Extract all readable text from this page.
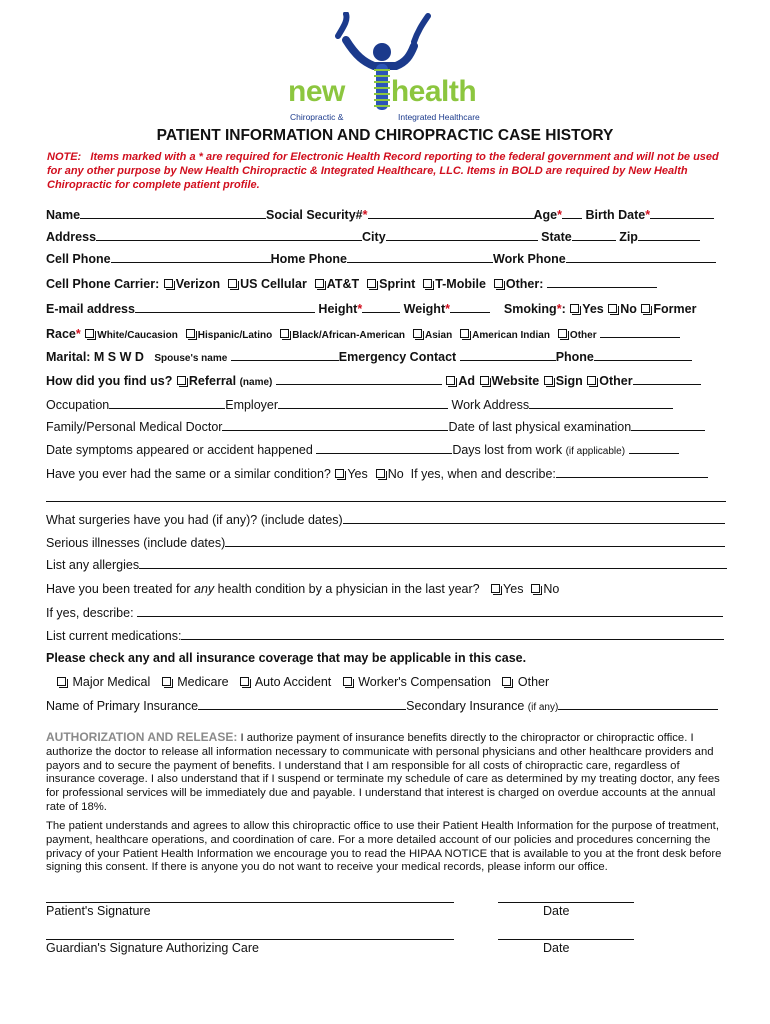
new health
Chiropractic &	Integrated Healthcare
PATIENT INFORMATION AND CHIROPRACTIC CASE HISTORY
NOTE: Items marked with a * are required for Electronic Health Record reporting to the federal government and will not be used for any other purpose by New Health Chiropractic & Integrated Healthcare, LLC. Items in BOLD are required by New Health Chiropractic for complete patient profile.
Name	Social Security#*	Age* Birth Date*
Address	City	State	Zip
Cell Phone	Home Phone	Work Phone
Cell Phone Carrier: Verizon US Cellular AT&T Sprint T-Mobile Other:
E-mail address	Height*	Weight*	Smoking*: Yes No Former
Race* White/Caucasion Hispanic/Latino Black/African-American Asian American Indian Other
Marital: M S W D Spouse's name	Emergency Contact	Phone
How did you find us? Referral (name)	Ad Website Sign Other
Occupation	Employer	Work Address
Family/Personal Medical Doctor	Date of last physical examination
Date symptoms appeared or accident happened	Days lost from work (if applicable)
Have you ever had the same or a similar condition? Yes No If yes, when and describe:
What surgeries have you had (if any)? (include dates)
Serious illnesses (include dates)
List any allergies
Have you been treated for any health condition by a physician in the last year? Yes No
If yes, describe:
List current medications:
Please check any and all insurance coverage that may be applicable in this case.
Major Medical Medicare Auto Accident Worker's Compensation Other
Name of Primary Insurance	Secondary Insurance (if any)
AUTHORIZATION AND RELEASE: I authorize payment of insurance benefits directly to the chiropractor or chiropractic office. I authorize the doctor to release all information necessary to communicate with personal physicians and other healthcare providers and payors and to secure the payment of benefits. I understand that I am responsible for all costs of chiropractic care, regardless of insurance coverage. I also understand that if I suspend or terminate my schedule of care as determined by my treating doctor, any fees for professional services will be immediately due and payable. I understand that interest is charged on overdue accounts at the annual rate of 18%.
The patient understands and agrees to allow this chiropractic office to use their Patient Health Information for the purpose of treatment, payment, healthcare operations, and coordination of care. For a more detailed account of our policies and procedures concerning the privacy of your Patient Health Information we encourage you to read the HIPAA NOTICE that is available to you at the front desk before signing this consent. If there is anyone you do not want to receive your medical records, please inform our office.
Patient's Signature	Date
Guardian's Signature Authorizing Care	Date
